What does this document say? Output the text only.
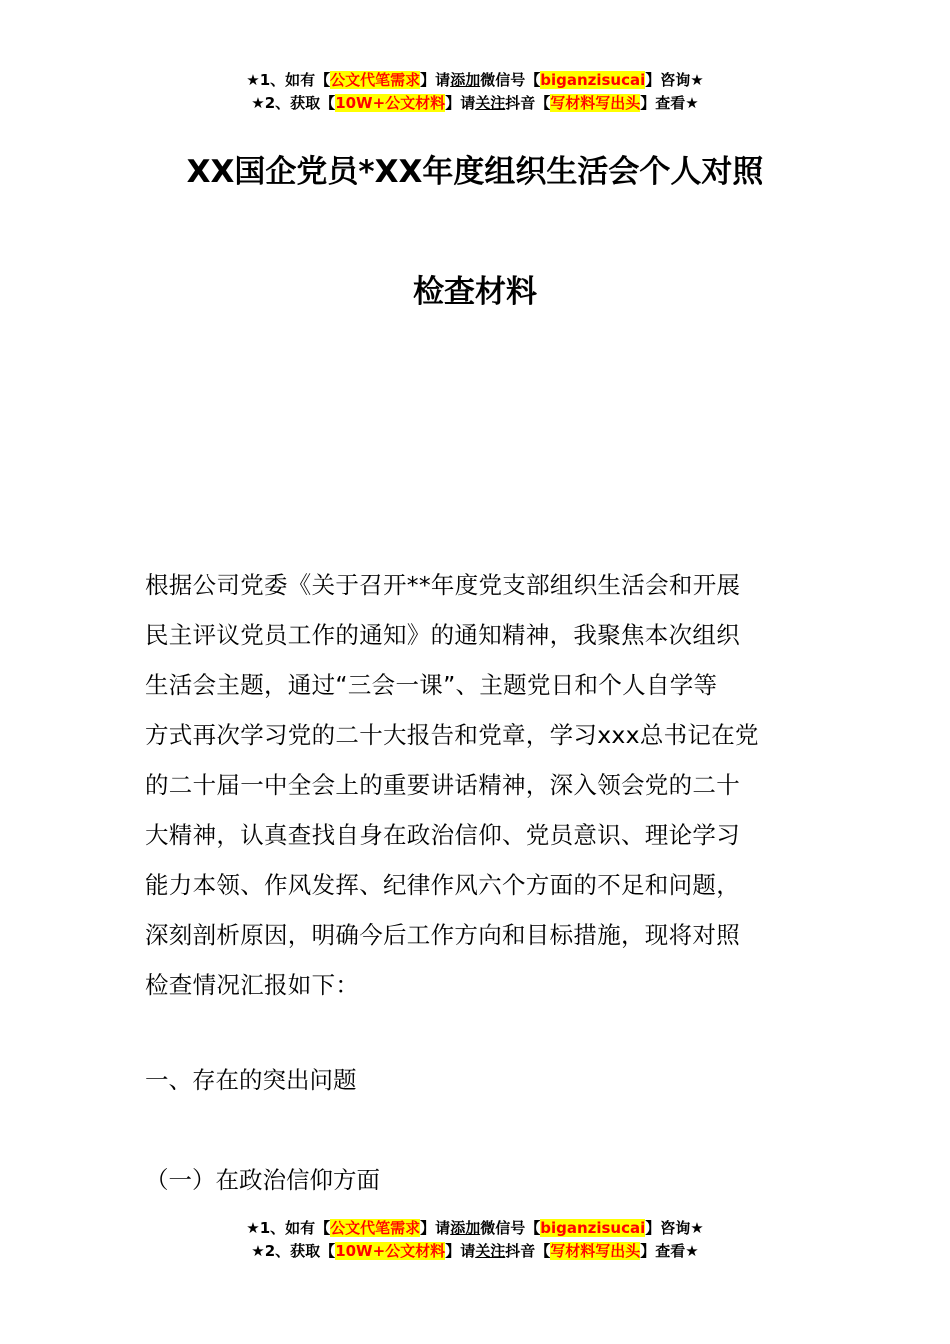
★1、如有【公文代笔需求】请添加微信号【biganzisucai】咨询★
★2、获取【10W+公文材料】请关注抖音【写材料写出头】查看★
XX国企党员*XX年度组织生活会个人对照
检查材料
根据公司党委《关于召开**年度党支部组织生活会和开展
民主评议党员工作的通知》的通知精神，我聚焦本次组织
生活会主题，通过“三会一课”、主题党日和个人自学等
方式再次学习党的二十大报告和党章，学习xxx总书记在党
的二十届一中全会上的重要讲话精神，深入领会党的二十
大精神，认真查找自身在政治信仰、党员意识、理论学习
能力本领、作风发挥、纪律作风六个方面的不足和问题，
深刻剖析原因，明确今后工作方向和目标措施，现将对照
检查情况汇报如下：
一、存在的突出问题
（一）在政治信仰方面
★1、如有【公文代笔需求】请添加微信号【biganzisucai】咨询★
★2、获取【10W+公文材料】请关注抖音【写材料写出头】查看★
